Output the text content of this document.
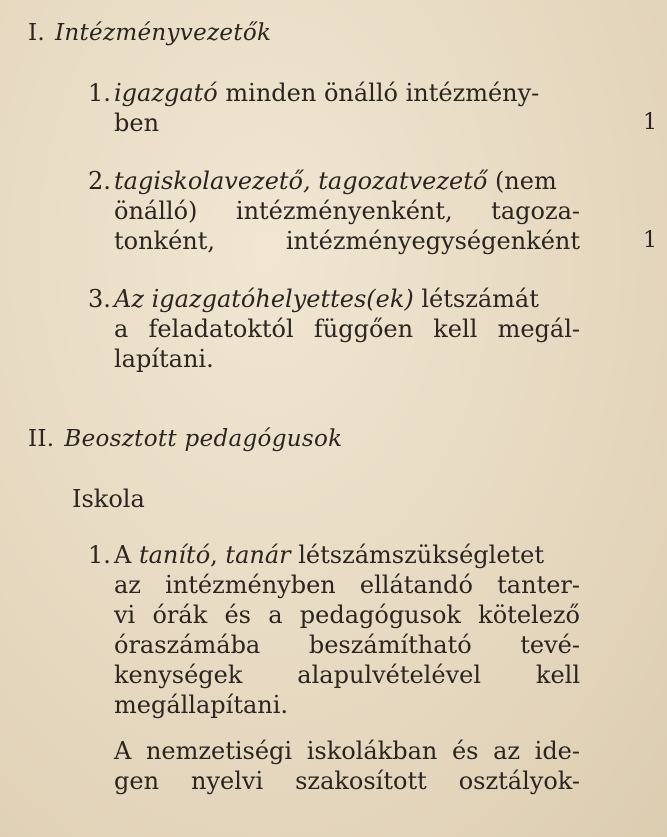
I. Intézményvezetők
1. igazgató minden önálló intézmény-
ben	1
2. tagiskolavezető, tagozatvezető (nem
önálló) intézményenként, tagoza-
tonként, intézményegységenként	1
3. Az igazgatóhelyettes(ek) létszámát
a feladatoktól függően kell megál-
lapítani.
II. Beosztott pedagógusok
Iskola
1. A tanító, tanár létszámszükségletet
az intézményben ellátandó tanter-
vi órák és a pedagógusok kötelező
óraszámába beszámítható tevé-
kenységek alapulvételével kell
megállapítani.
A nemzetiségi iskolákban és az ide-
gen nyelvi szakosított osztályok-
